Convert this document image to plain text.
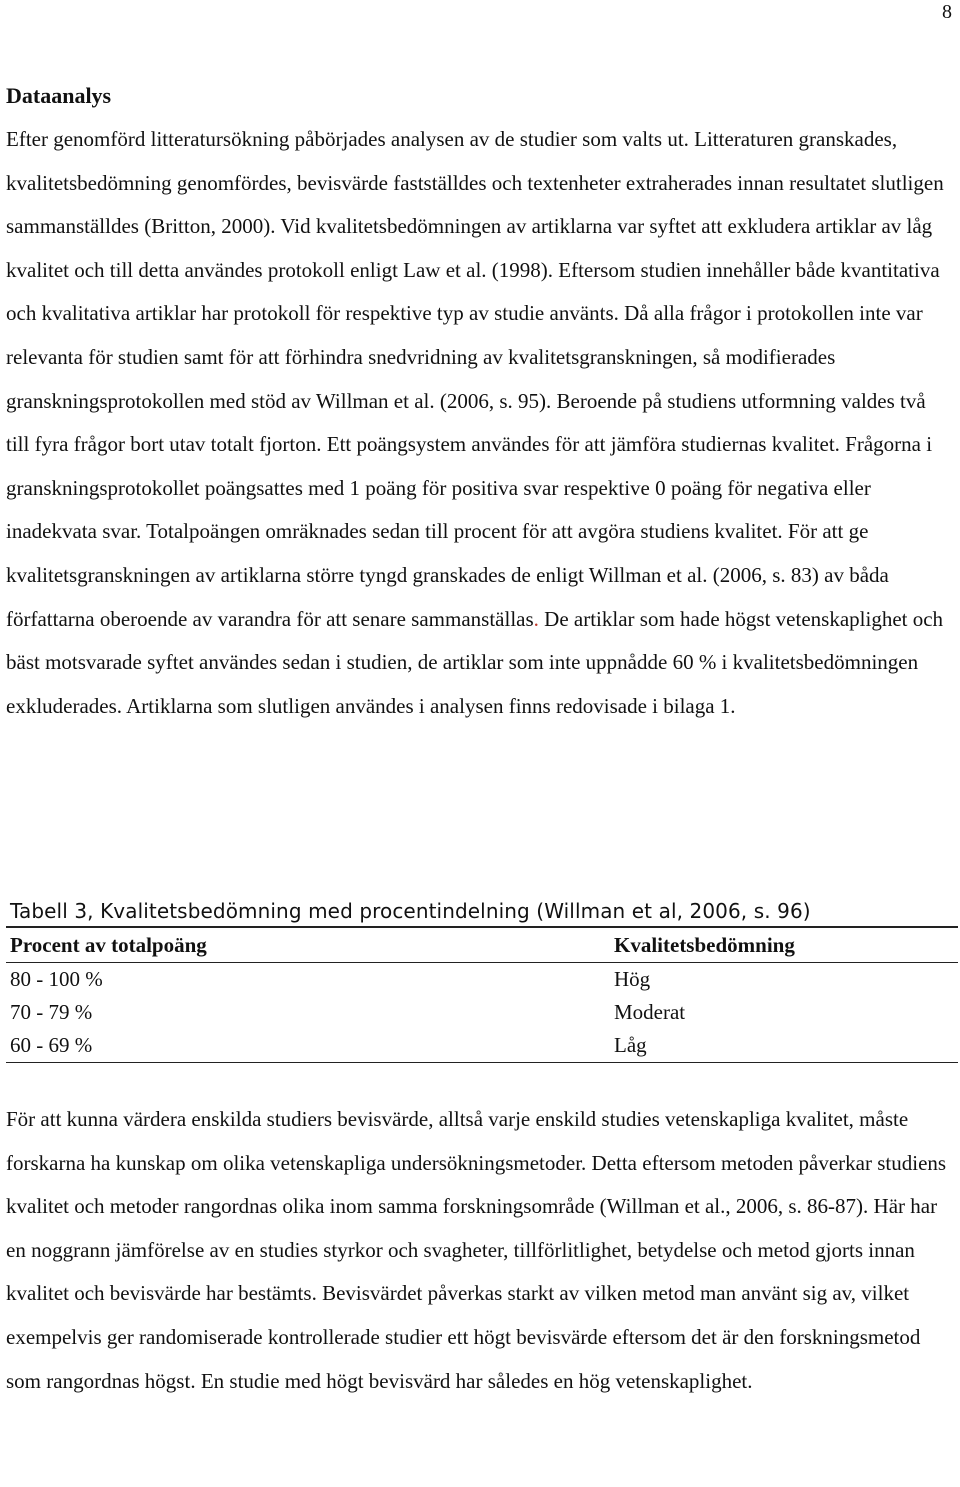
8
Dataanalys

Efter genomförd litteratursökning påbörjades analysen av de studier som valts ut. Litteraturen granskades, kvalitetsbedömning genomfördes, bevisvärde fastställdes och textenheter extraherades innan resultatet slutligen sammanställdes (Britton, 2000). Vid kvalitetsbedömningen av artiklarna var syftet att exkludera artiklar av låg kvalitet och till detta användes protokoll enligt Law et al. (1998). Eftersom studien innehåller både kvantitativa och kvalitativa artiklar har protokoll för respektive typ av studie använts. Då alla frågor i protokollen inte var relevanta för studien samt för att förhindra snedvridning av kvalitetsgranskningen, så modifierades granskningsprotokollen med stöd av Willman et al. (2006, s. 95). Beroende på studiens utformning valdes två till fyra frågor bort utav totalt fjorton. Ett poängsystem användes för att jämföra studiernas kvalitet. Frågorna i granskningsprotokollet poängsattes med 1 poäng för positiva svar respektive 0 poäng för negativa eller inadekvata svar. Totalpoängen omräknades sedan till procent för att avgöra studiens kvalitet. För att ge kvalitetsgranskningen av artiklarna större tyngd granskades de enligt Willman et al. (2006, s. 83) av båda författarna oberoende av varandra för att senare sammanställas. De artiklar som hade högst vetenskaplighet och bäst motsvarade syftet användes sedan i studien, de artiklar som inte uppnådde 60 % i kvalitetsbedömningen exkluderades. Artiklarna som slutligen användes i analysen finns redovisade i bilaga 1.

Tabell 3, Kvalitetsbedömning med procentindelning (Willman et al, 2006, s. 96)
Procent av totalpoäng	Kvalitetsbedömning
80 - 100 %	Hög
70 - 79 %	Moderat
60 - 69 %	Låg

För att kunna värdera enskilda studiers bevisvärde, alltså varje enskild studies vetenskapliga kvalitet, måste forskarna ha kunskap om olika vetenskapliga undersökningsmetoder. Detta eftersom metoden påverkar studiens kvalitet och metoder rangordnas olika inom samma forskningsområde (Willman et al., 2006, s. 86-87). Här har en noggrann jämförelse av en studies styrkor och svagheter, tillförlitlighet, betydelse och metod gjorts innan kvalitet och bevisvärde har bestämts. Bevisvärdet påverkas starkt av vilken metod man använt sig av, vilket exempelvis ger randomiserade kontrollerade studier ett högt bevisvärde eftersom det är den forskningsmetod som rangordnas högst. En studie med högt bevisvärd har således en hög vetenskaplighet.
